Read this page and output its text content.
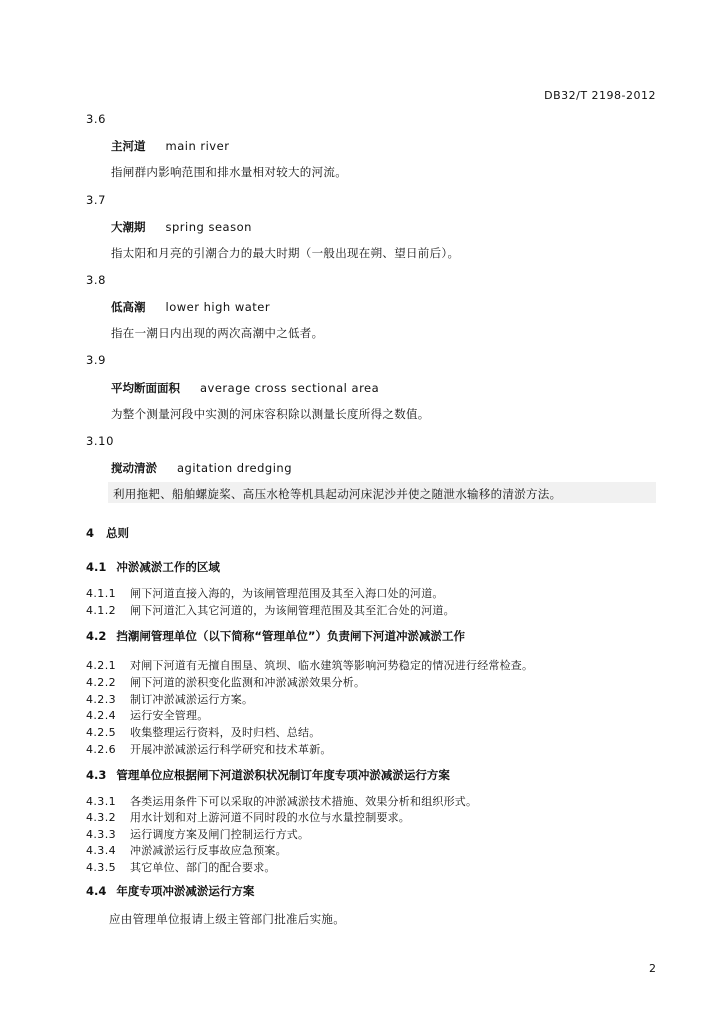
DB32/T 2198-2012
3.6
主河道 main river
指闸群内影响范围和排水量相对较大的河流。
3.7
大潮期 spring season
指太阳和月亮的引潮合力的最大时期（一般出现在朔、望日前后）。
3.8
低高潮 lower high water
指在一潮日内出现的两次高潮中之低者。
3.9
平均断面面积 average cross sectional area
为整个测量河段中实测的河床容积除以测量长度所得之数值。
3.10
搅动清淤 agitation dredging
利用拖耙、船舶螺旋桨、高压水枪等机具起动河床泥沙并使之随泄水输移的清淤方法。
4 总则
4.1 冲淤减淤工作的区域
4.1.1 闸下河道直接入海的，为该闸管理范围及其至入海口处的河道。
4.1.2 闸下河道汇入其它河道的，为该闸管理范围及其至汇合处的河道。
4.2 挡潮闸管理单位（以下简称“管理单位”）负责闸下河道冲淤减淤工作
4.2.1 对闸下河道有无擅自围垦、筑坝、临水建筑等影响河势稳定的情况进行经常检查。
4.2.2 闸下河道的淤积变化监测和冲淤减淤效果分析。
4.2.3 制订冲淤减淤运行方案。
4.2.4 运行安全管理。
4.2.5 收集整理运行资料，及时归档、总结。
4.2.6 开展冲淤减淤运行科学研究和技术革新。
4.3 管理单位应根据闸下河道淤积状况制订年度专项冲淤减淤运行方案
4.3.1 各类运用条件下可以采取的冲淤减淤技术措施、效果分析和组织形式。
4.3.2 用水计划和对上游河道不同时段的水位与水量控制要求。
4.3.3 运行调度方案及闸门控制运行方式。
4.3.4 冲淤减淤运行反事故应急预案。
4.3.5 其它单位、部门的配合要求。
4.4 年度专项冲淤减淤运行方案
应由管理单位报请上级主管部门批准后实施。
2
